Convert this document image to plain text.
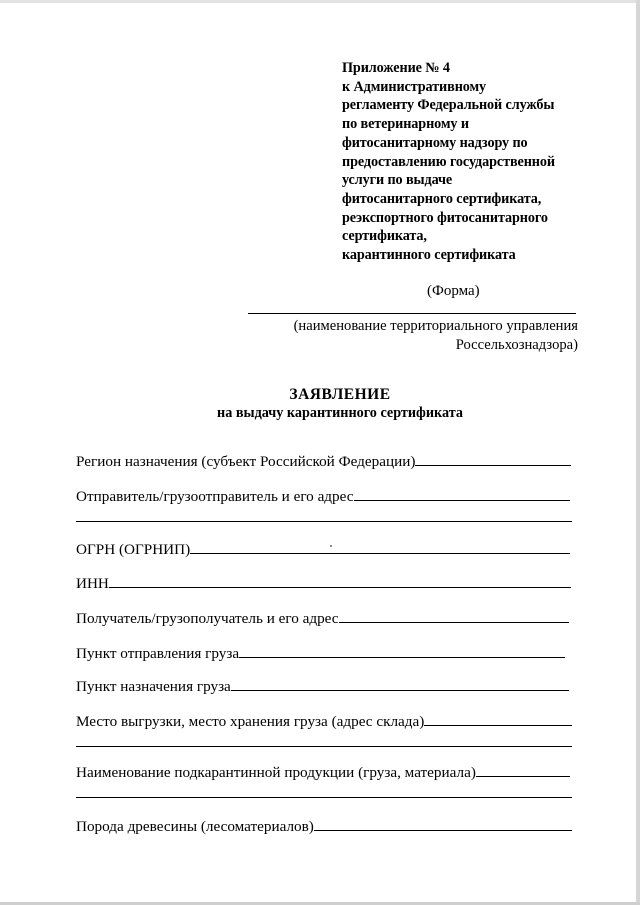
Приложение № 4
к Административному
регламенту Федеральной службы
по ветеринарному и
фитосанитарному надзору по
предоставлению государственной
услуги по выдаче
фитосанитарного сертификата,
реэкспортного фитосанитарного
сертификата,
карантинного сертификата
(Форма)
(наименование территориального управления
Россельхознадзора)
ЗАЯВЛЕНИЕ
на выдачу карантинного сертификата
Регион назначения (субъект Российской Федерации)
Отправитель/грузоотправитель и его адрес
ОГРН (ОГРНИП)
ИНН
Получатель/грузополучатель и его адрес
Пункт отправления груза
Пункт назначения груза
Место выгрузки, место хранения груза (адрес склада)
Наименование подкарантинной продукции (груза, материала)
Порода древесины (лесоматериалов)
